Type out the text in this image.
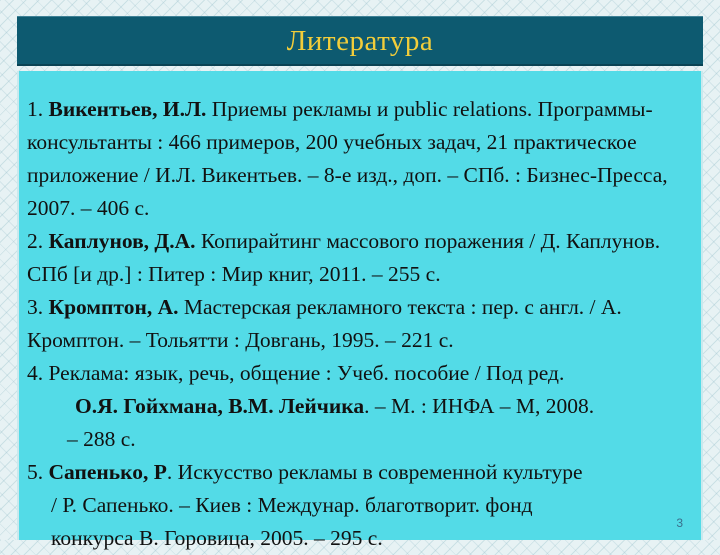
Литература
1. Викентьев, И.Л. Приемы рекламы и public relations. Программы-консультанты : 466 примеров, 200 учебных задач, 21 практическое приложение / И.Л. Викентьев. – 8-е изд., доп. – СПб. : Бизнес-Пресса, 2007. – 406 с.
2. Каплунов, Д.А. Копирайтинг массового поражения / Д. Каплунов. СПб [и др.] : Питер : Мир книг, 2011. – 255 с.
3. Кромптон, А. Мастерская рекламного текста : пер. с англ. / А. Кромптон. – Тольятти : Довгань, 1995. – 221 с.
4. Реклама: язык, речь, общение : Учеб. пособие / Под ред.
О.Я. Гойхмана, В.М. Лейчика. – М. : ИНФА – М, 2008.
– 288 с.
5. Сапенько, Р. Искусство рекламы в современной культуре
/ Р. Сапенько. – Киев : Междунар. благотворит. фонд
конкурса В. Горовица, 2005. – 295 с.
3
